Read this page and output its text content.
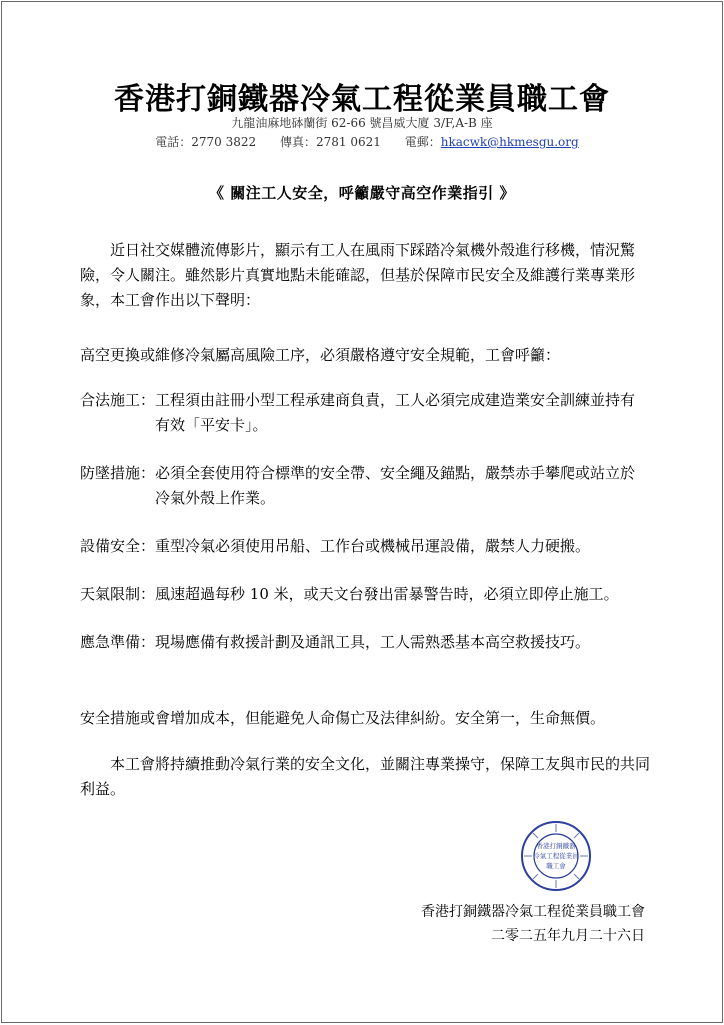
香港打銅鐵器冷氣工程從業員職工會
九龍油麻地砵蘭街 62-66 號昌威大廈 3/F,A-B 座
電話：2770 3822 傳真：2781 0621 電郵：hkacwk@hkmesgu.org
《 關注工人安全，呼籲嚴守高空作業指引 》

近日社交媒體流傳影片，顯示有工人在風雨下踩踏冷氣機外殼進行移機，情況驚險，令人關注。雖然影片真實地點未能確認，但基於保障市民安全及維護行業專業形象，本工會作出以下聲明：

高空更換或維修冷氣屬高風險工序，必須嚴格遵守安全規範，工會呼籲：

合法施工： 工程須由註冊小型工程承建商負責，工人必須完成建造業安全訓練並持有有效「平安卡」。
防墜措施： 必須全套使用符合標準的安全帶、安全繩及錨點，嚴禁赤手攀爬或站立於冷氣外殼上作業。
設備安全： 重型冷氣必須使用吊船、工作台或機械吊運設備，嚴禁人力硬搬。
天氣限制： 風速超過每秒 10 米，或天文台發出雷暴警告時，必須立即停止施工。
應急準備： 現場應備有救援計劃及通訊工具，工人需熟悉基本高空救援技巧。

安全措施或會增加成本，但能避免人命傷亡及法律糾紛。安全第一，生命無價。

本工會將持續推動冷氣行業的安全文化，並關注專業操守，保障工友與市民的共同利益。

香港打銅鐵器
冷氣工程從業員
職工會
香港打銅鐵器冷氣工程從業員職工會
二零二五年九月二十六日
